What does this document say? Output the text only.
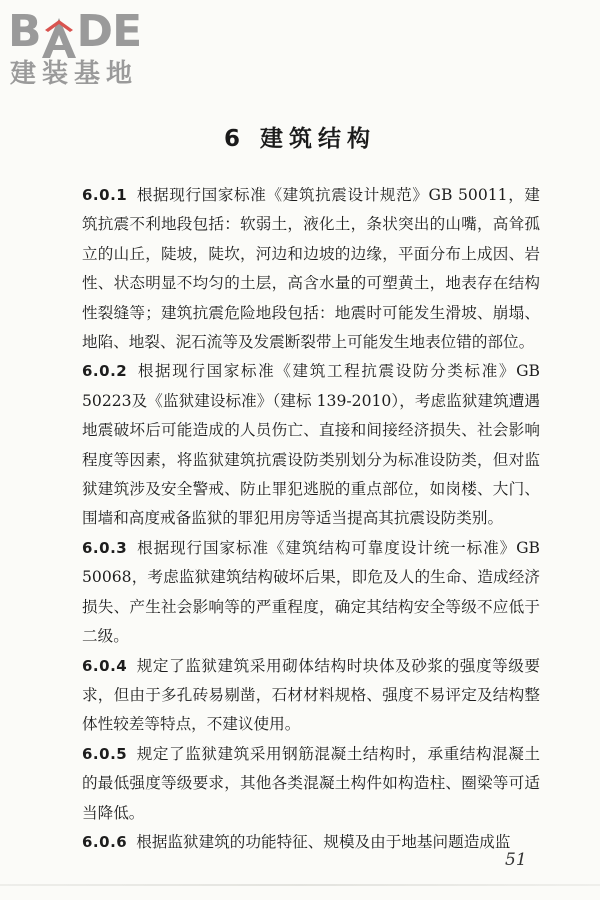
B DE
建装基地
6 建筑结构

6.0.1 根据现行国家标准《建筑抗震设计规范》GB 50011，建筑抗震不利地段包括：软弱土，液化土，条状突出的山嘴，高耸孤立的山丘，陡坡，陡坎，河边和边坡的边缘，平面分布上成因、岩性、状态明显不均匀的土层，高含水量的可塑黄土，地表存在结构性裂缝等；建筑抗震危险地段包括：地震时可能发生滑坡、崩塌、地陷、地裂、泥石流等及发震断裂带上可能发生地表位错的部位。

6.0.2 根据现行国家标准《建筑工程抗震设防分类标准》GB 50223及《监狱建设标准》（建标 139-2010），考虑监狱建筑遭遇地震破坏后可能造成的人员伤亡、直接和间接经济损失、社会影响程度等因素，将监狱建筑抗震设防类别划分为标准设防类，但对监狱建筑涉及安全警戒、防止罪犯逃脱的重点部位，如岗楼、大门、围墙和高度戒备监狱的罪犯用房等适当提高其抗震设防类别。

6.0.3 根据现行国家标准《建筑结构可靠度设计统一标准》GB 50068，考虑监狱建筑结构破坏后果，即危及人的生命、造成经济损失、产生社会影响等的严重程度，确定其结构安全等级不应低于二级。

6.0.4 规定了监狱建筑采用砌体结构时块体及砂浆的强度等级要求，但由于多孔砖易剔凿，石材材料规格、强度不易评定及结构整体性较差等特点，不建议使用。

6.0.5 规定了监狱建筑采用钢筋混凝土结构时，承重结构混凝土的最低强度等级要求，其他各类混凝土构件如构造柱、圈梁等可适当降低。

6.0.6 根据监狱建筑的功能特征、规模及由于地基问题造成监

51
